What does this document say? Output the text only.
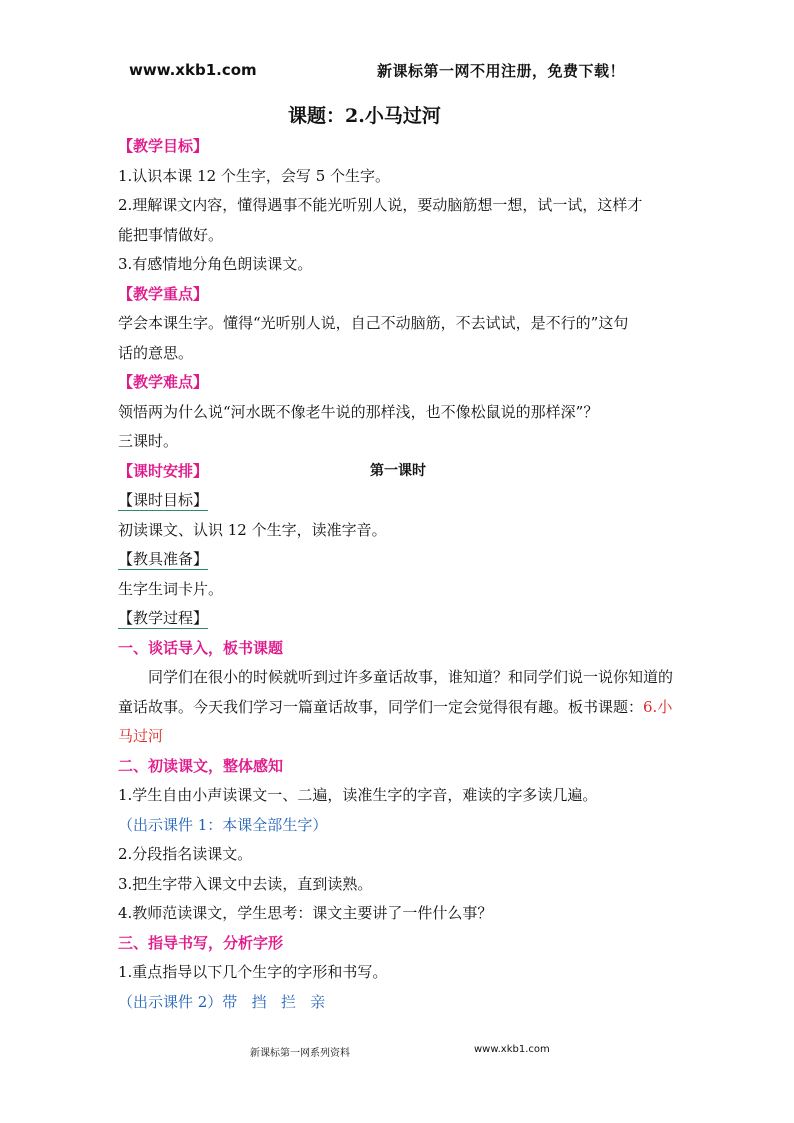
www.xkb1.com	新课标第一网不用注册，免费下载！
课题：2.小马过河
【教学目标】
1.认识本课 12 个生字，会写 5 个生字。
2.理解课文内容，懂得遇事不能光听别人说，要动脑筋想一想，试一试，这样才
能把事情做好。
3.有感情地分角色朗读课文。
【教学重点】
学会本课生字。懂得“光听别人说，自己不动脑筋，不去试试，是不行的”这句
话的意思。
【教学难点】
领悟两为什么说“河水既不像老牛说的那样浅，也不像松鼠说的那样深”？
三课时。
【课时安排】	第一课时
【课时目标】
初读课文、认识 12 个生字，读准字音。
【教具准备】
生字生词卡片。
【教学过程】
一、谈话导入，板书课题
同学们在很小的时候就听到过许多童话故事，谁知道？和同学们说一说你知道的童话故事。今天我们学习一篇童话故事，同学们一定会觉得很有趣。板书课题：6.小马过河
二、初读课文，整体感知
1.学生自由小声读课文一、二遍，读准生字的字音，难读的字多读几遍。
（出示课件 1：本课全部生字）
2.分段指名读课文。
3.把生字带入课文中去读，直到读熟。
4.教师范读课文，学生思考：课文主要讲了一件什么事？
三、指导书写，分析字形
1.重点指导以下几个生字的字形和书写。
（出示课件 2）带   挡   拦   亲
新课标第一网系列资料	www.xkb1.com
